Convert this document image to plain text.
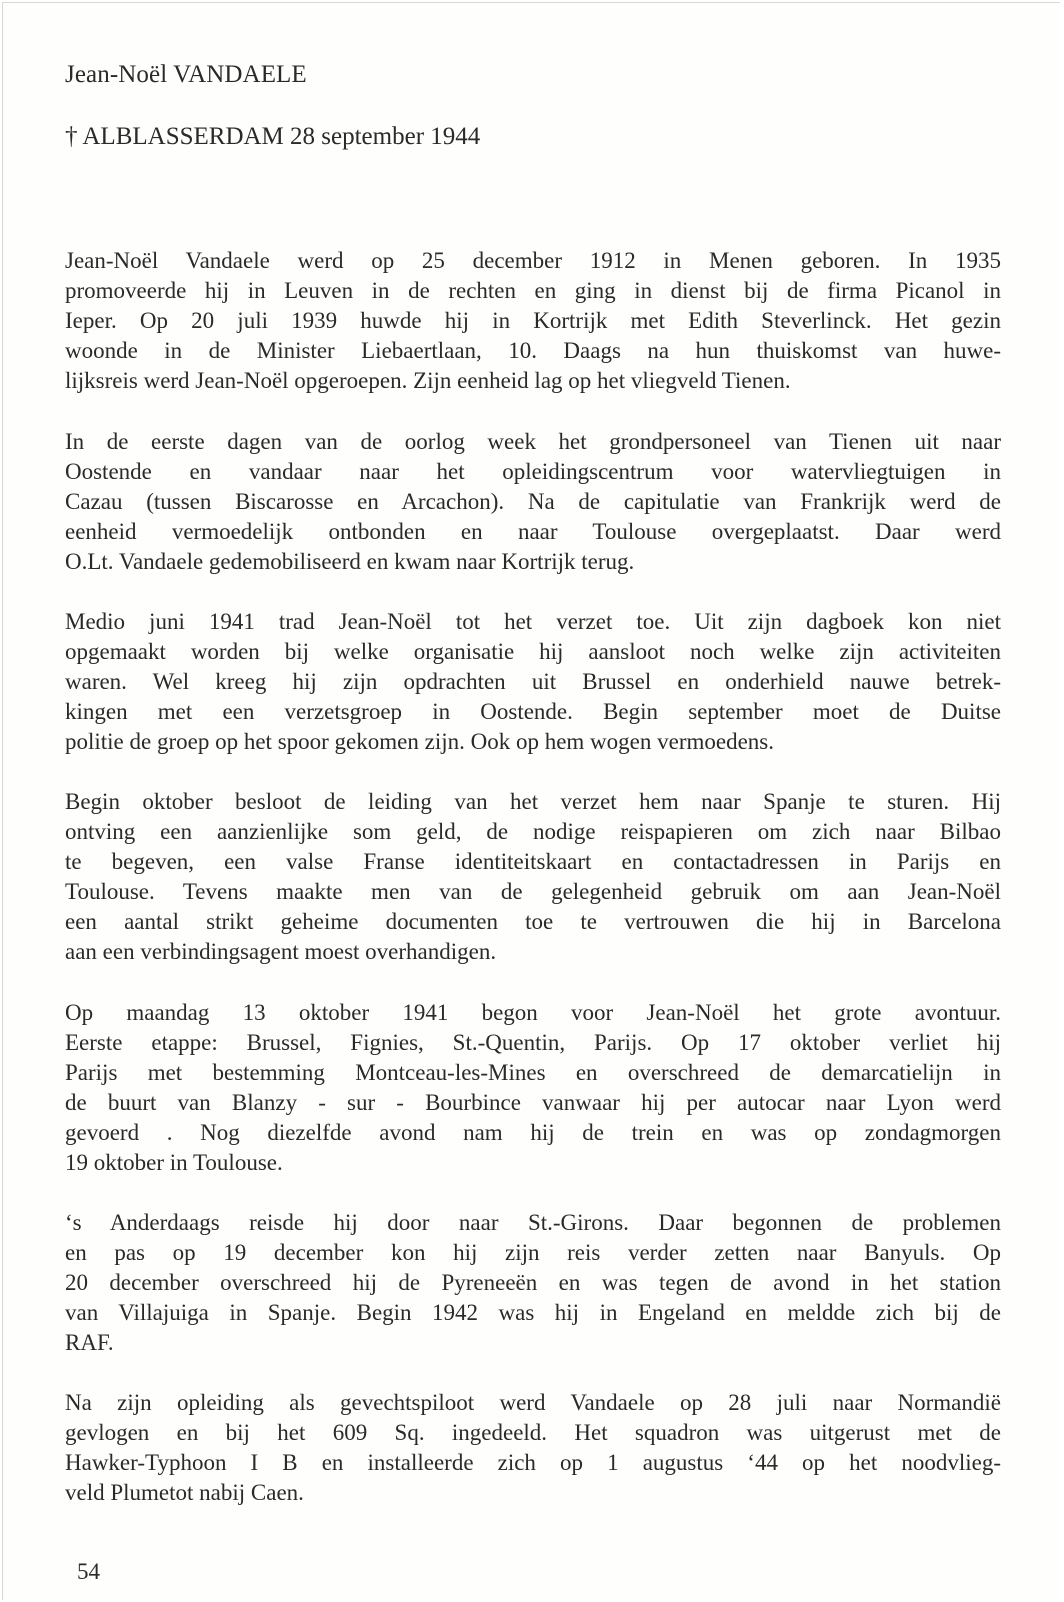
Jean-Noël VANDAELE
† ALBLASSERDAM 28 september 1944
Jean-Noël Vandaele werd op 25 december 1912 in Menen geboren. In 1935
promoveerde hij in Leuven in de rechten en ging in dienst bij de firma Picanol in
Ieper. Op 20 juli 1939 huwde hij in Kortrijk met Edith Steverlinck. Het gezin
woonde in de Minister Liebaertlaan, 10. Daags na hun thuiskomst van huwe-
lijksreis werd Jean-Noël opgeroepen. Zijn eenheid lag op het vliegveld Tienen.
In de eerste dagen van de oorlog week het grondpersoneel van Tienen uit naar
Oostende en vandaar naar het opleidingscentrum voor watervliegtuigen in
Cazau (tussen Biscarosse en Arcachon). Na de capitulatie van Frankrijk werd de
eenheid vermoedelijk ontbonden en naar Toulouse overgeplaatst. Daar werd
O.Lt. Vandaele gedemobiliseerd en kwam naar Kortrijk terug.
Medio juni 1941 trad Jean-Noël tot het verzet toe. Uit zijn dagboek kon niet
opgemaakt worden bij welke organisatie hij aansloot noch welke zijn activiteiten
waren. Wel kreeg hij zijn opdrachten uit Brussel en onderhield nauwe betrek-
kingen met een verzetsgroep in Oostende. Begin september moet de Duitse
politie de groep op het spoor gekomen zijn. Ook op hem wogen vermoedens.
Begin oktober besloot de leiding van het verzet hem naar Spanje te sturen. Hij
ontving een aanzienlijke som geld, de nodige reispapieren om zich naar Bilbao
te begeven, een valse Franse identiteitskaart en contactadressen in Parijs en
Toulouse. Tevens maakte men van de gelegenheid gebruik om aan Jean-Noël
een aantal strikt geheime documenten toe te vertrouwen die hij in Barcelona
aan een verbindingsagent moest overhandigen.
Op maandag 13 oktober 1941 begon voor Jean-Noël het grote avontuur.
Eerste etappe: Brussel, Fignies, St.-Quentin, Parijs. Op 17 oktober verliet hij
Parijs met bestemming Montceau-les-Mines en overschreed de demarcatielijn in
de buurt van Blanzy - sur - Bourbince vanwaar hij per autocar naar Lyon werd
gevoerd . Nog diezelfde avond nam hij de trein en was op zondagmorgen
19 oktober in Toulouse.
‘s Anderdaags reisde hij door naar St.-Girons. Daar begonnen de problemen
en pas op 19 december kon hij zijn reis verder zetten naar Banyuls. Op
20 december overschreed hij de Pyreneeën en was tegen de avond in het station
van Villajuiga in Spanje. Begin 1942 was hij in Engeland en meldde zich bij de
RAF.
Na zijn opleiding als gevechtspiloot werd Vandaele op 28 juli naar Normandië
gevlogen en bij het 609 Sq. ingedeeld. Het squadron was uitgerust met de
Hawker-Typhoon I B en installeerde zich op 1 augustus ‘44 op het noodvlieg-
veld Plumetot nabij Caen.
54
